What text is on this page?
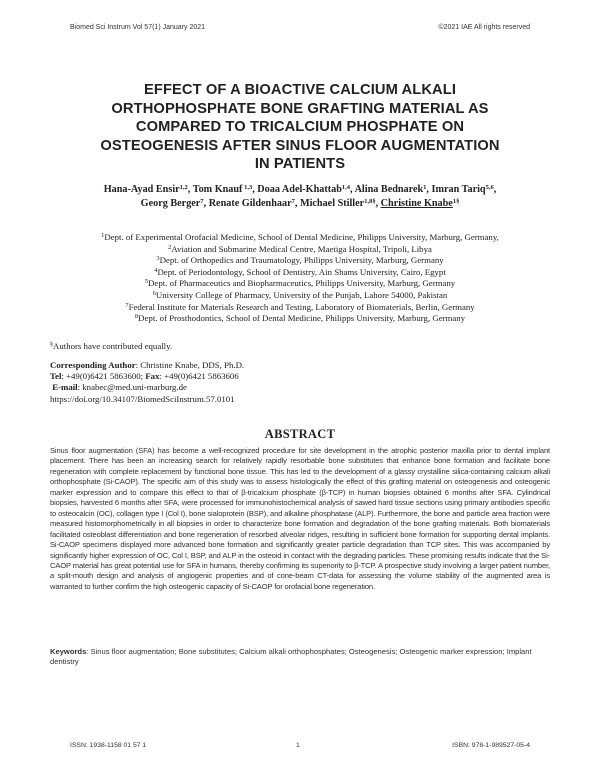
Biomed Sci Instrum Vol 57(1) January 2021	©2021 IAE All rights reserved
EFFECT OF A BIOACTIVE CALCIUM ALKALI
ORTHOPHOSPHATE BONE GRAFTING MATERIAL AS
COMPARED TO TRICALCIUM PHOSPHATE ON
OSTEOGENESIS AFTER SINUS FLOOR AUGMENTATION
IN PATIENTS
Hana-Ayad Ensir$^{1,2}$, Tom Knauf $^{1,3}$, Doaa Adel-Khattab$^{1,4}$, Alina Bednarek$^1$, Imran Tariq$^{5,6}$,
Georg Berger$^7$, Renate Gildenhaar$^7$, Michael Stiller$^{1,8\S}$, Christine Knabe$^{1\S}$
$^1$Dept. of Experimental Orofacial Medicine, School of Dental Medicine, Philipps University, Marburg, Germany,
$^2$Aviation and Submarine Medical Centre, Maetiga Hospital, Tripoli, Libya
$^3$Dept. of Orthopedics and Traumatology, Philipps University, Marburg, Germany
$^4$Dept. of Periodontology, School of Dentistry, Ain Shams University, Cairo, Egypt
$^5$Dept. of Pharmaceutics and Biopharmaceutics, Philipps University, Marburg, Germany
$^6$University College of Pharmacy, University of the Punjab, Lahore 54000, Pakistan
$^7$Federal Institute for Materials Research and Testing, Laboratory of Biomaterials, Berlin, Germany
$^8$Dept. of Prosthodontics, School of Dental Medicine, Philipps University, Marburg, Germany
§Authors have contributed equally.
Corresponding Author: Christine Knabe, DDS, Ph.D.
Tel: +49(0)6421 5863600; Fax: +49(0)6421 5863606
E-mail: knabec@med.uni-marburg.de
https://doi.org/10.34107/BiomedSciInstrum.57.0101
ABSTRACT
Sinus floor augmentation (SFA) has become a well-recognized procedure for site development in the atrophic posterior maxilla prior to dental implant placement. There has been an increasing search for relatively rapidly resorbable bone substitutes that enhance bone formation and facilitate bone regeneration with complete replacement by functional bone tissue. This has led to the development of a glassy crystalline silica-containing calcium alkali orthophosphate (Si-CAOP). The specific aim of this study was to assess histologically the effect of this grafting material on osteogenesis and osteogenic marker expression and to compare this effect to that of β-tricalcium phosphate (β-TCP) in human biopsies obtained 6 months after SFA. Cylindrical biopsies, harvested 6 months after SFA, were processed for immunohistochemical analysis of sawed hard tissue sections using primary antibodies specific to osteocalcin (OC), collagen type I (Col I), bone sialoprotein (BSP), and alkaline phosphatase (ALP). Furthermore, the bone and particle area fraction were measured histomorphometrically in all biopsies in order to characterize bone formation and degradation of the bone grafting materials. Both biomaterials facilitated osteoblast differentiation and bone regeneration of resorbed alveolar ridges, resulting in sufficient bone formation for supporting dental implants. Si-CAOP specimens displayed more advanced bone formation and significantly greater particle degradation than TCP sites. This was accompanied by significantly higher expression of OC, Col I, BSP, and ALP in the osteoid in contact with the degrading particles. These promising results indicate that the Si-CAOP material has great potential use for SFA in humans, thereby confirming its superiority to β-TCP. A prospective study involving a larger patient number, a split-mouth design and analysis of angiogenic properties and of cone-beam CT-data for assessing the volume stability of the augmented area is warranted to further confirm the high osteogenic capacity of Si-CAOP for orofacial bone regeneration.
Keywords: Sinus floor augmentation; Bone substitutes; Calcium alkali orthophosphates; Osteogenesis; Osteogenic marker expression; Implant dentistry
ISSN: 1938-1158 01 57 1	1	ISBN: 978-1-989527-05-4
